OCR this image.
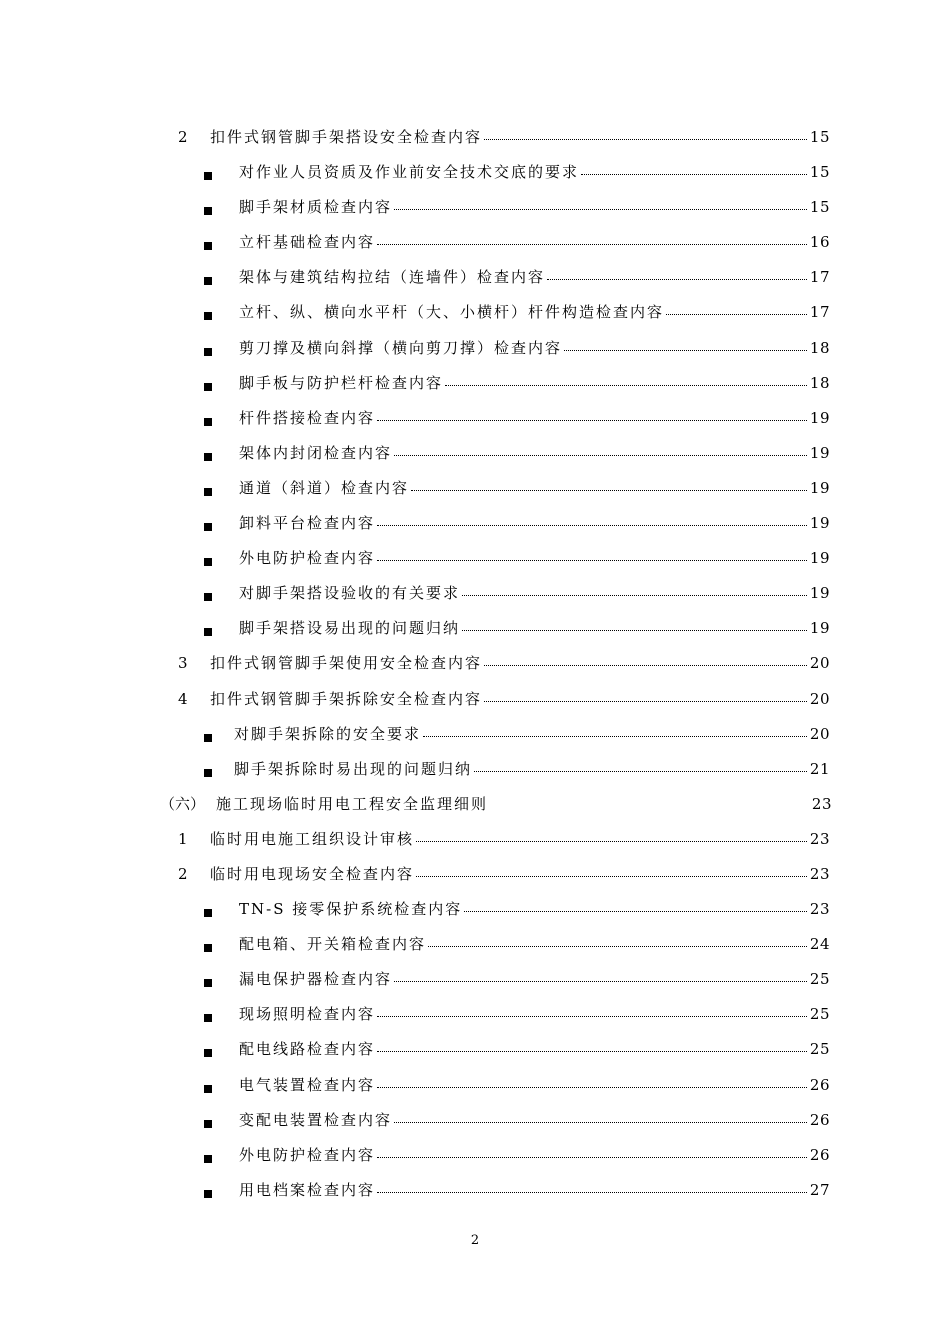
2 扣件式钢管脚手架搭设安全检查内容	15
对作业人员资质及作业前安全技术交底的要求	15
脚手架材质检查内容	15
立杆基础检查内容	16
架体与建筑结构拉结（连墙件）检查内容	17
立杆、纵、横向水平杆（大、小横杆）杆件构造检查内容	17
剪刀撑及横向斜撑（横向剪刀撑）检查内容	18
脚手板与防护栏杆检查内容	18
杆件搭接检查内容	19
架体内封闭检查内容	19
通道（斜道）检查内容	19
卸料平台检查内容	19
外电防护检查内容	19
对脚手架搭设验收的有关要求	19
脚手架搭设易出现的问题归纳	19
3 扣件式钢管脚手架使用安全检查内容	20
4 扣件式钢管脚手架拆除安全检查内容	20
对脚手架拆除的安全要求	20
脚手架拆除时易出现的问题归纳	21
（六） 施工现场临时用电工程安全监理细则	23
1 临时用电施工组织设计审核	23
2 临时用电现场安全检查内容	23
TN-S 接零保护系统检查内容	23
配电箱、开关箱检查内容	24
漏电保护器检查内容	25
现场照明检查内容	25
配电线路检查内容	25
电气装置检查内容	26
变配电装置检查内容	26
外电防护检查内容	26
用电档案检查内容	27
2
